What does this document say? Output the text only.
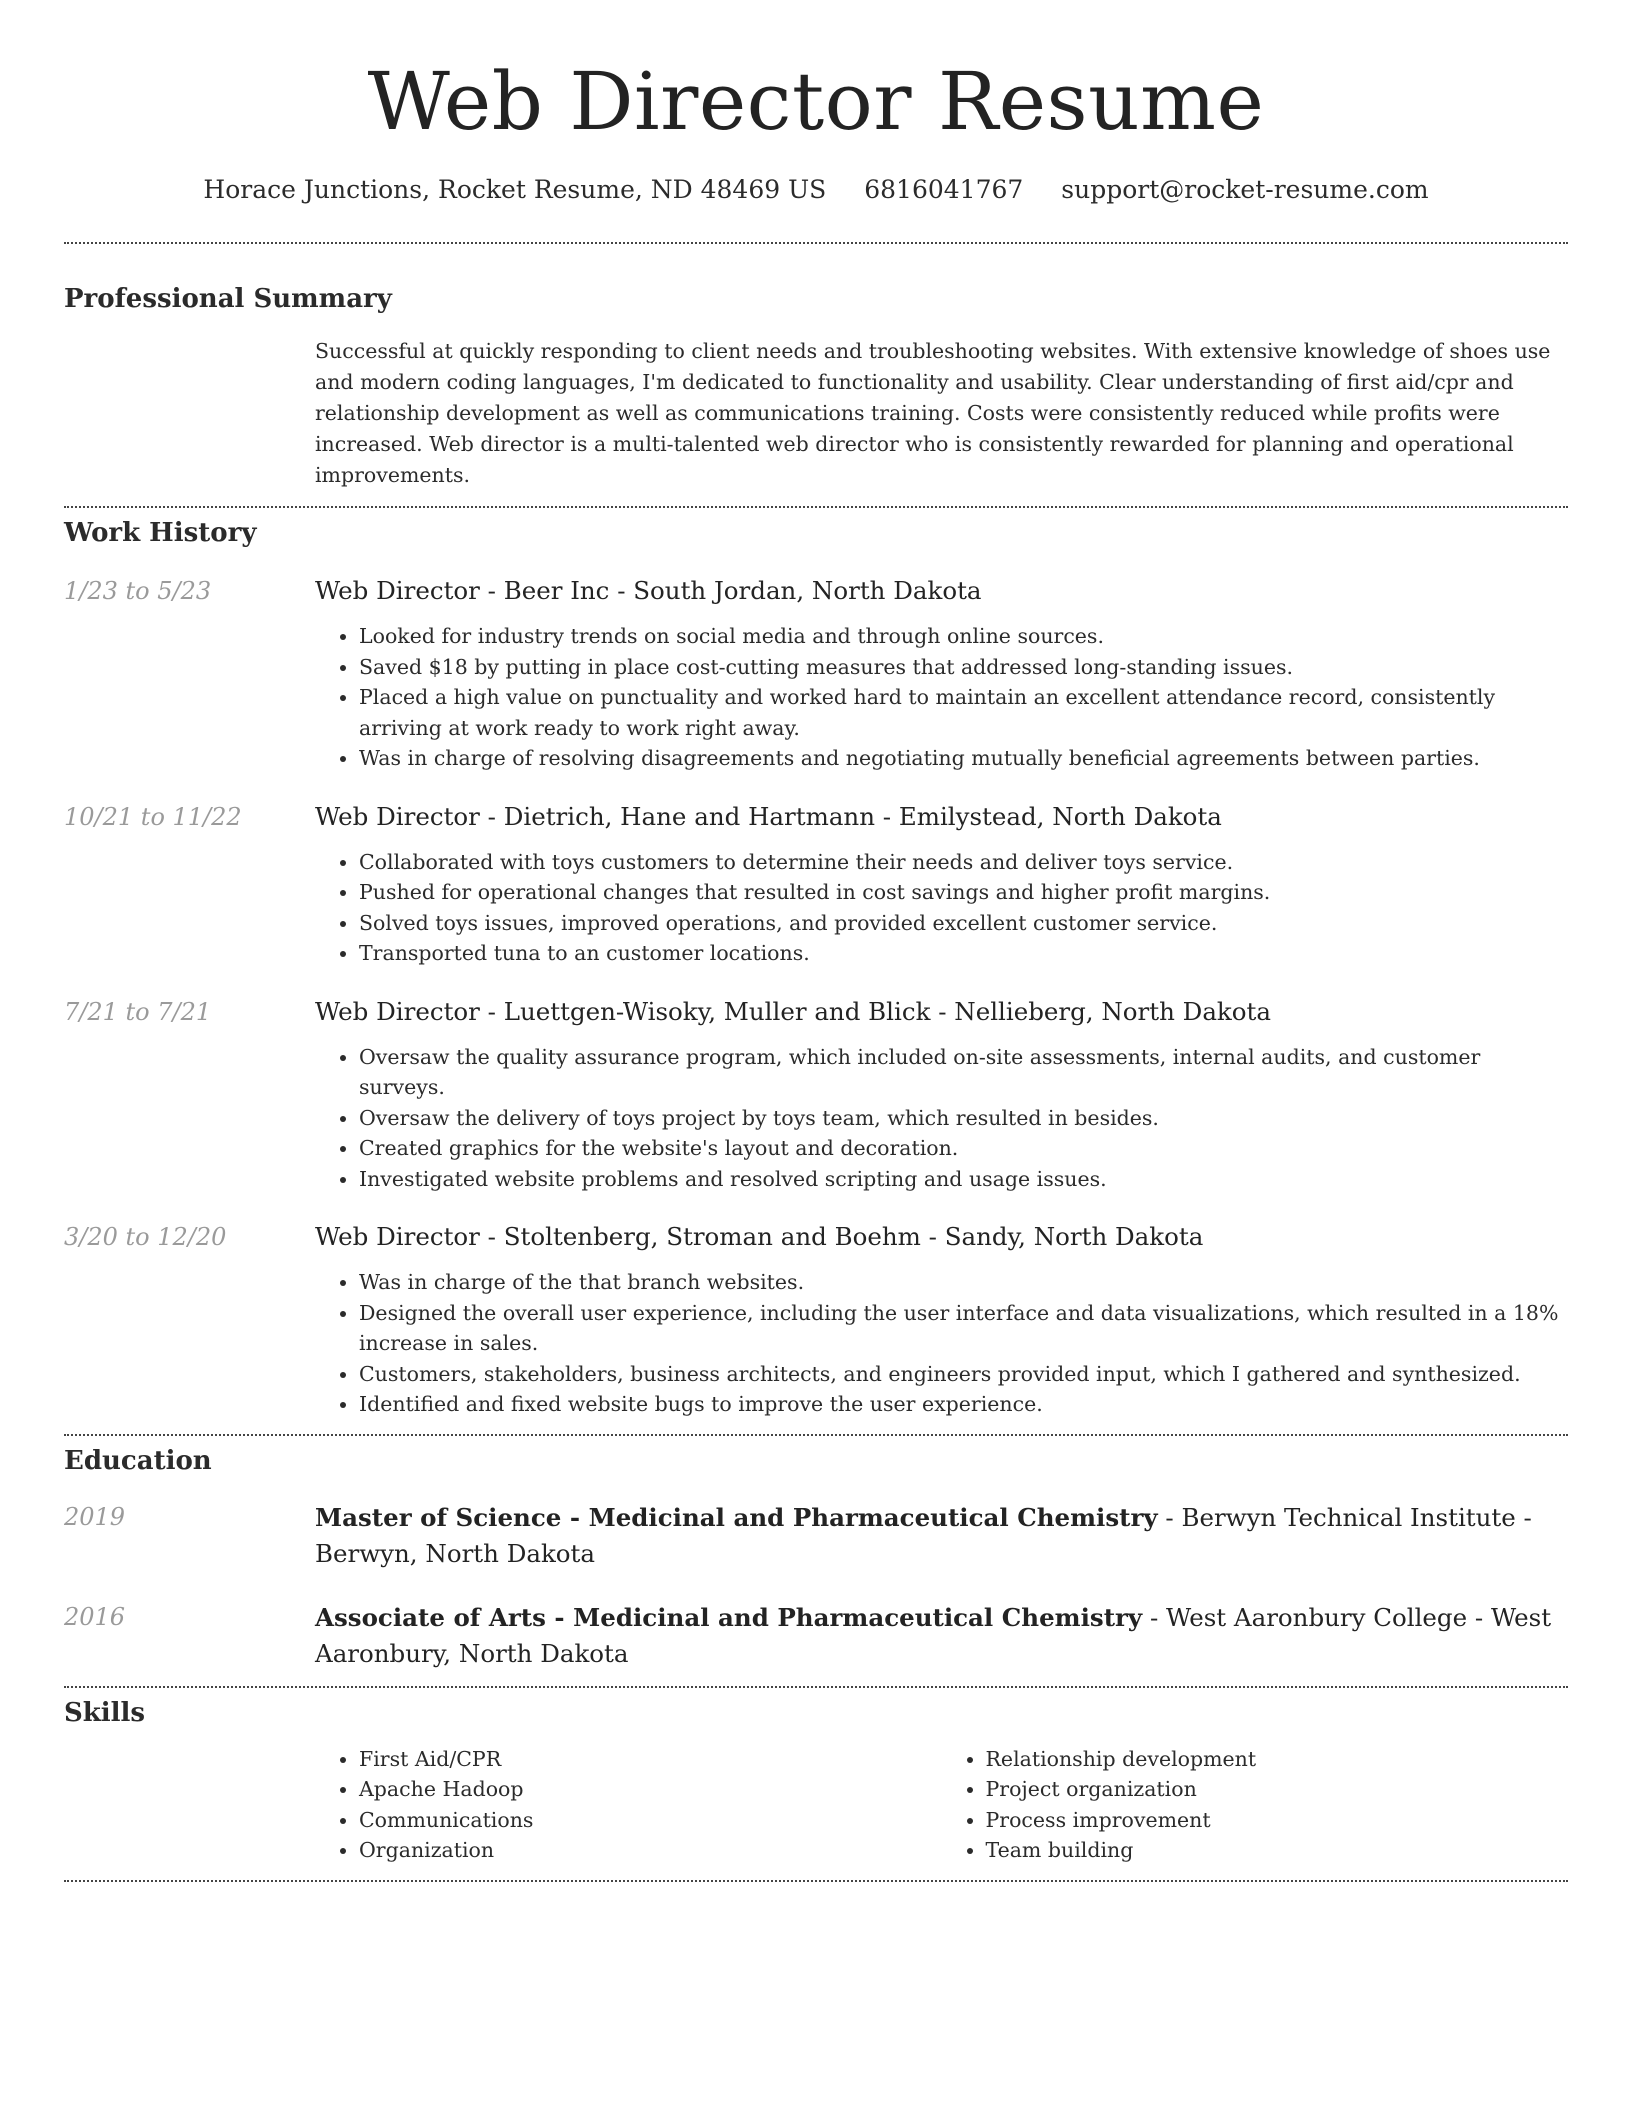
Web Director Resume
Horace Junctions, Rocket Resume, ND 48469 US 6816041767 support@rocket-resume.com
Professional Summary

Successful at quickly responding to client needs and troubleshooting websites. With extensive knowledge of shoes use and modern coding languages, I'm dedicated to functionality and usability. Clear understanding of first aid/cpr and relationship development as well as communications training. Costs were consistently reduced while profits were increased. Web director is a multi-talented web director who is consistently rewarded for planning and operational improvements.

Work History
1/23 to 5/23	Web Director - Beer Inc - South Jordan, North Dakota
• Looked for industry trends on social media and through online sources.
• Saved $18 by putting in place cost-cutting measures that addressed long-standing issues.
• Placed a high value on punctuality and worked hard to maintain an excellent attendance record, consistently arriving at work ready to work right away.
• Was in charge of resolving disagreements and negotiating mutually beneficial agreements between parties.
10/21 to 11/22	Web Director - Dietrich, Hane and Hartmann - Emilystead, North Dakota
• Collaborated with toys customers to determine their needs and deliver toys service.
• Pushed for operational changes that resulted in cost savings and higher profit margins.
• Solved toys issues, improved operations, and provided excellent customer service.
• Transported tuna to an customer locations.
7/21 to 7/21	Web Director - Luettgen-Wisoky, Muller and Blick - Nellieberg, North Dakota
• Oversaw the quality assurance program, which included on-site assessments, internal audits, and customer surveys.
• Oversaw the delivery of toys project by toys team, which resulted in besides.
• Created graphics for the website's layout and decoration.
• Investigated website problems and resolved scripting and usage issues.
3/20 to 12/20	Web Director - Stoltenberg, Stroman and Boehm - Sandy, North Dakota
• Was in charge of the that branch websites.
• Designed the overall user experience, including the user interface and data visualizations, which resulted in a 18% increase in sales.
• Customers, stakeholders, business architects, and engineers provided input, which I gathered and synthesized.
• Identified and fixed website bugs to improve the user experience.
Education
2019	Master of Science - Medicinal and Pharmaceutical Chemistry - Berwyn Technical Institute - Berwyn, North Dakota
2016	Associate of Arts - Medicinal and Pharmaceutical Chemistry - West Aaronbury College - West Aaronbury, North Dakota
Skills
• First Aid/CPR
• Apache Hadoop
• Communications
• Organization
• Relationship development
• Project organization
• Process improvement
• Team building
